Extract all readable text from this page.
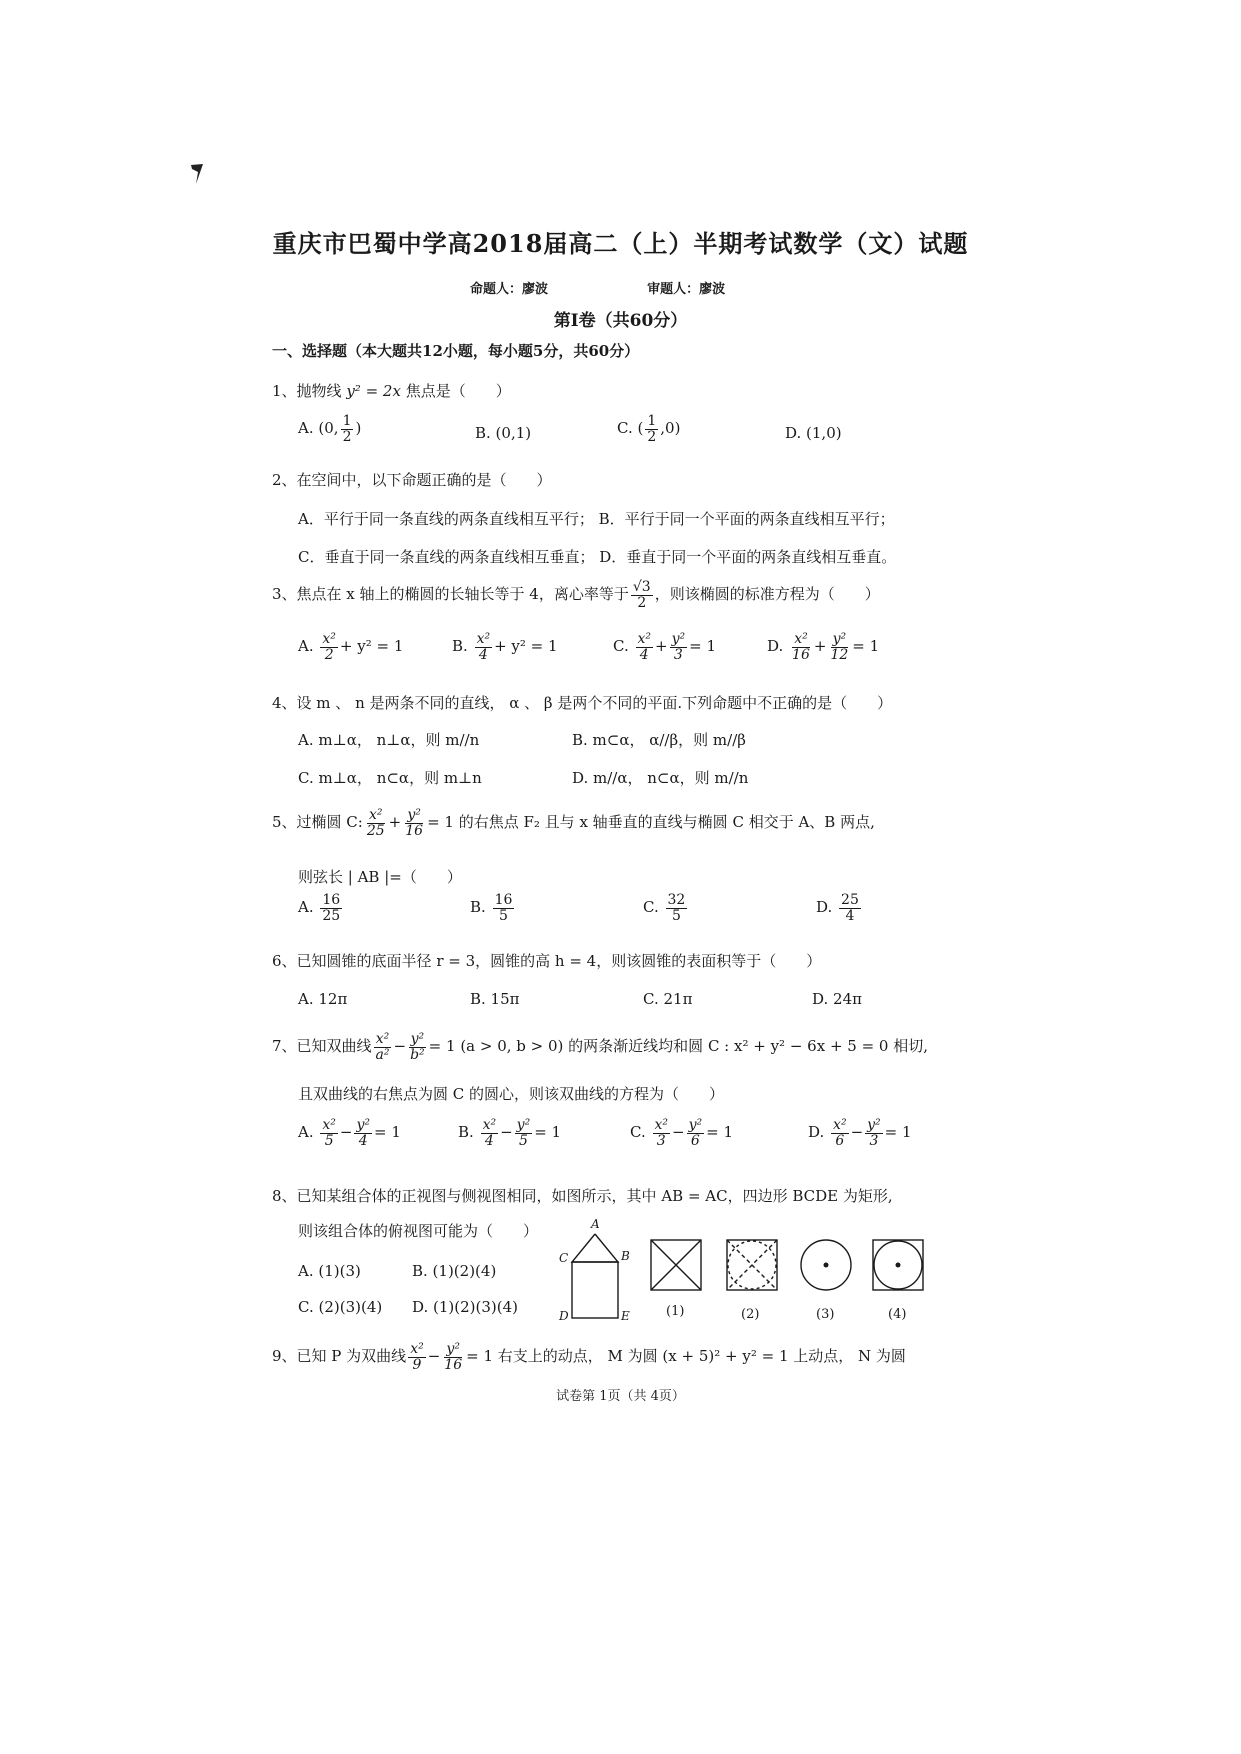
重庆市巴蜀中学高2018届高二（上）半期考试数学（文）试题
命题人：廖波	审题人：廖波
第Ⅰ卷（共60分）
一、选择题（本大题共12小题，每小题5分，共60分）
1、抛物线 y² = 2x 焦点是（　　）
A. (0, $\frac{1}{2}$ )	B. (0,1)	C. ( $\frac{1}{2} ,0$)	D. (1,0)
2、在空间中，以下命题正确的是（　　）
A．平行于同一条直线的两条直线相互平行； B．平行于同一个平面的两条直线相互平行；
C．垂直于同一条直线的两条直线相互垂直； D．垂直于同一个平面的两条直线相互垂直。
3、焦点在 x 轴上的椭圆的长轴长等于 4，离心率等于 $\frac{√3}{2}$ ，则该椭圆的标准方程为（　　）
A. $\frac{\text{x²}}{2} + y^2 = 1$	B. $\frac{\text{x²}}{4} + y^2 = 1$	C. $\frac{\text{x²}}{4} + \frac{\text{y²}}{3} = 1$	D. $\frac{\text{x²}}{16} + \frac{\text{y²}}{12} = 1$
4、设 m 、 n 是两条不同的直线， α 、 β 是两个不同的平面.下列命题中不正确的是（　　）
A. m⊥α， n⊥α，则 m//n	B. m⊂α， α//β，则 m//β
C. m⊥α， n⊂α，则 m⊥n	D. m//α， n⊂α，则 m//n
5、过椭圆 C: $\frac{\text{x²}}{25} + \frac{\text{y²}}{16} = 1$ 的右焦点 F₂ 且与 x 轴垂直的直线与椭圆 C 相交于 A、B 两点,
则弦长 | AB |=（　　）
A. $\frac{16}{25}$	B. $\frac{16}{5}$	C. $\frac{32}{5}$	D. $\frac{25}{4}$
6、已知圆锥的底面半径 r = 3，圆锥的高 h = 4，则该圆锥的表面积等于（　　）
A. 12π	B. 15π	C. 21π	D. 24π
7、已知双曲线 $\frac{\text{x²}}{\text{a²}} - \frac{\text{y²}}{\text{b²}} = 1$ (a > 0, b > 0) 的两条渐近线均和圆 C : x² + y² − 6x + 5 = 0 相切,
且双曲线的右焦点为圆 C 的圆心，则该双曲线的方程为（　　）
A. $\frac{\text{x²}}{5} - \frac{\text{y²}}{4} = 1$	B. $\frac{\text{x²}}{4} - \frac{\text{y²}}{5} = 1$	C. $\frac{\text{x²}}{3} - \frac{\text{y²}}{6} = 1$	D. $\frac{\text{x²}}{6} - \frac{\text{y²}}{3} = 1$
8、已知某组合体的正视图与侧视图相同，如图所示，其中 AB = AC，四边形 BCDE 为矩形,
则该组合体的俯视图可能为（　　）
A. (1)(3)	B. (1)(2)(4)
C. (2)(3)(4) D. (1)(2)(3)(4)
A
C	B
D	E	(1)	(2)	(3)	(4)
9、已知 P 为双曲线 $\frac{\text{x²}}{9} - \frac{\text{y²}}{16} = 1$ 右支上的动点， M 为圆 (x + 5)² + y² = 1 上动点， N 为圆
试卷第 1页（共 4页）
